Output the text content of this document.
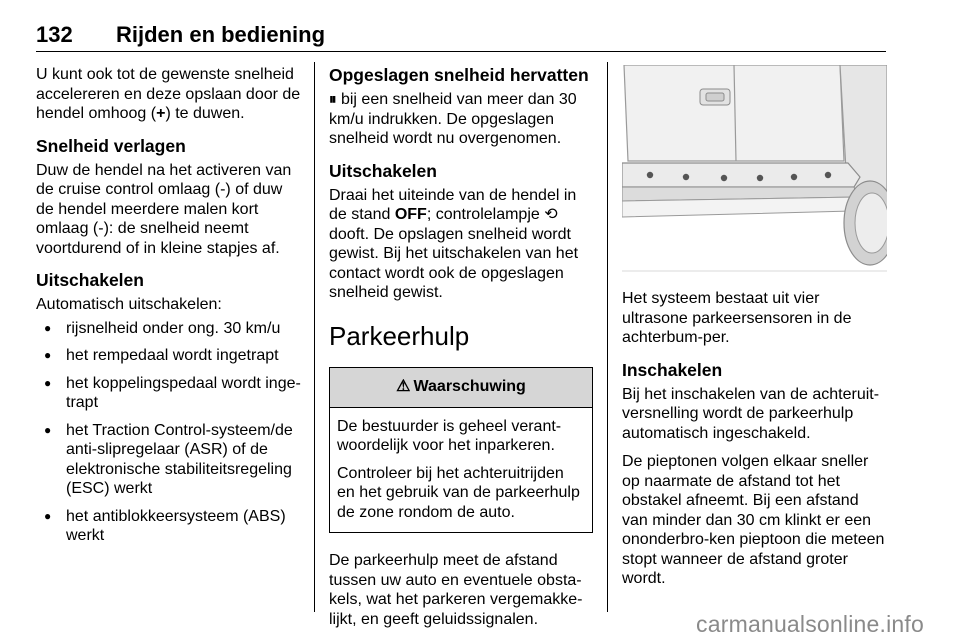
132 Rijden en bediening

U kunt ook tot de gewenste snelheid accelereren en deze opslaan door de hendel omhoog (+) te duwen.

Snelheid verlagen

Duw de hendel na het activeren van de cruise control omlaag (-) of duw de hendel meerdere malen kort omlaag (-): de snelheid neemt voortdurend of in kleine stapjes af.

Uitschakelen

Automatisch uitschakelen:

● rijsnelheid onder ong. 30 km/u
● het rempedaal wordt ingetrapt
● het koppelingspedaal wordt inge-trapt
● het Traction Control-systeem/de anti-slipregelaar (ASR) of de elektronische stabiliteitsregeling (ESC) werkt
● het antiblokkeersysteem (ABS) werkt
Opgeslagen snelheid hervatten

⏸ bij een snelheid van meer dan 30 km/u indrukken. De opgeslagen snelheid wordt nu overgenomen.

Uitschakelen

Draai het uiteinde van de hendel in de stand OFF; controlelampje ⟲ dooft. De opslagen snelheid wordt gewist. Bij het uitschakelen van het contact wordt ook de opgeslagen snelheid gewist.

Parkeerhulp
⚠ Waarschuwing

De bestuurder is geheel verant-woordelijk voor het inparkeren.

Controleer bij het achteruitrijden en het gebruik van de parkeerhulp de zone rondom de auto.

De parkeerhulp meet de afstand tussen uw auto en eventuele obsta-kels, wat het parkeren vergemakke-lijkt, en geeft geluidssignalen.

Het systeem bestaat uit vier ultrasone parkeersensoren in de achterbum-per.

Inschakelen

Bij het inschakelen van de achteruit-versnelling wordt de parkeerhulp automatisch ingeschakeld.

De pieptonen volgen elkaar sneller op naarmate de afstand tot het obstakel afneemt. Bij een afstand van minder dan 30 cm klinkt er een ononderbro-ken pieptoon die meteen stopt wanneer de afstand groter wordt.

carmanualsonline.info
